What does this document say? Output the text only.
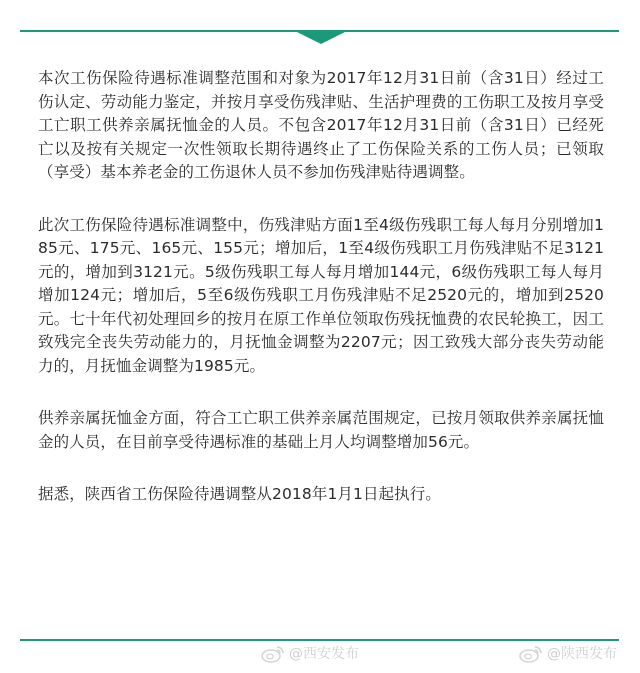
本次工伤保险待遇标准调整范围和对象为2017年12月31日前（含31日）经过工伤认定、劳动能力鉴定，并按月享受伤残津贴、生活护理费的工伤职工及按月享受工亡职工供养亲属抚恤金的人员。不包含2017年12月31日前（含31日）已经死亡以及按有关规定一次性领取长期待遇终止了工伤保险关系的工伤人员；已领取（享受）基本养老金的工伤退休人员不参加伤残津贴待遇调整。

此次工伤保险待遇标准调整中，伤残津贴方面1至4级伤残职工每人每月分别增加185元、175元、165元、155元；增加后，1至4级伤残职工月伤残津贴不足3121元的，增加到3121元。5级伤残职工每人每月增加144元，6级伤残职工每人每月增加124元；增加后，5至6级伤残职工月伤残津贴不足2520元的，增加到2520元。七十年代初处理回乡的按月在原工作单位领取伤残抚恤费的农民轮换工，因工致残完全丧失劳动能力的，月抚恤金调整为2207元；因工致残大部分丧失劳动能力的，月抚恤金调整为1985元。

供养亲属抚恤金方面，符合工亡职工供养亲属范围规定，已按月领取供养亲属抚恤金的人员，在目前享受待遇标准的基础上月人均调整增加56元。

据悉，陕西省工伤保险待遇调整从2018年1月1日起执行。

@西安发布	@陕西发布
